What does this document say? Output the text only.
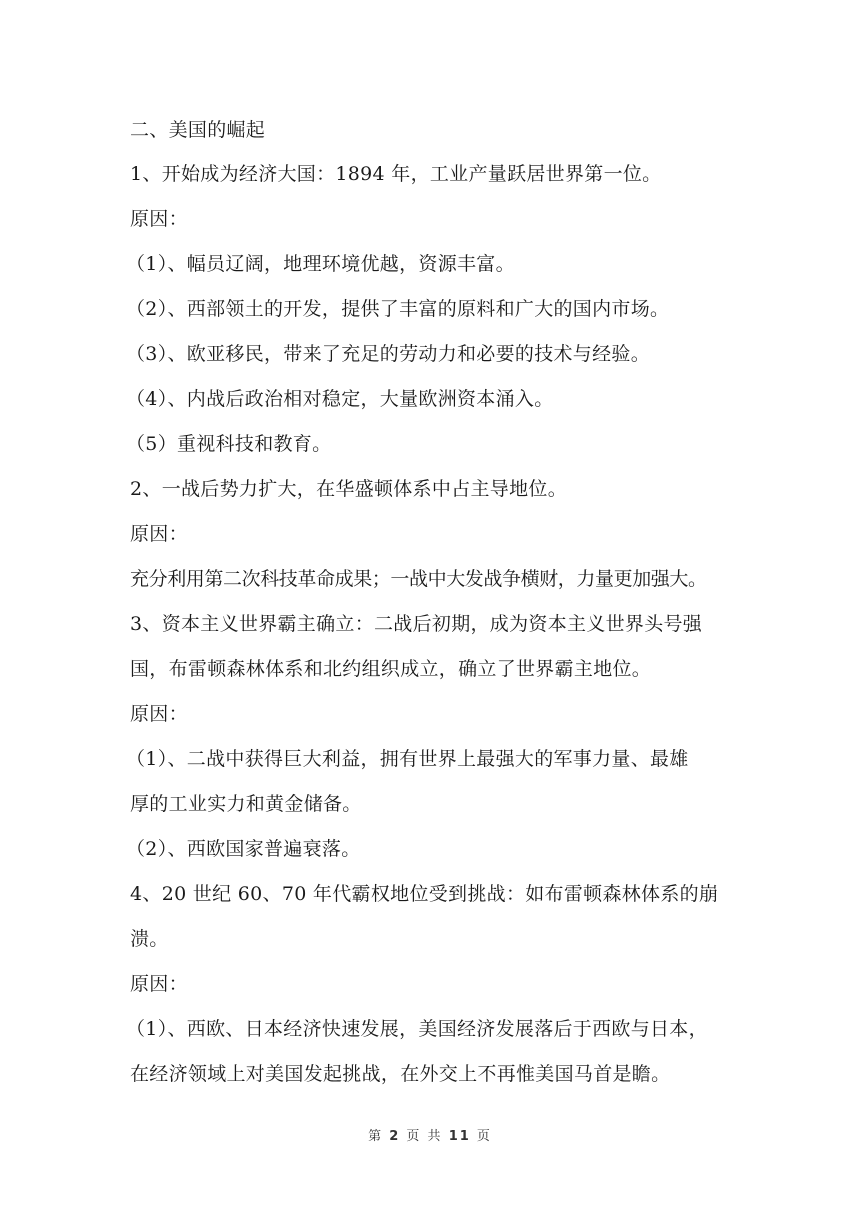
二、美国的崛起
1、开始成为经济大国：1894 年，工业产量跃居世界第一位。
原因：
（1）、幅员辽阔，地理环境优越，资源丰富。
（2）、西部领土的开发，提供了丰富的原料和广大的国内市场。
（3）、欧亚移民，带来了充足的劳动力和必要的技术与经验。
（4）、内战后政治相对稳定，大量欧洲资本涌入。
（5）重视科技和教育。
2、一战后势力扩大，在华盛顿体系中占主导地位。
原因：
充分利用第二次科技革命成果；一战中大发战争横财，力量更加强大。
3、资本主义世界霸主确立：二战后初期，成为资本主义世界头号强
国，布雷顿森林体系和北约组织成立，确立了世界霸主地位。
原因：
（1）、二战中获得巨大利益，拥有世界上最强大的军事力量、最雄
厚的工业实力和黄金储备。
（2）、西欧国家普遍衰落。
4、20 世纪 60、70 年代霸权地位受到挑战：如布雷顿森林体系的崩
溃。
原因：
（1）、西欧、日本经济快速发展，美国经济发展落后于西欧与日本，
在经济领域上对美国发起挑战，在外交上不再惟美国马首是瞻。
第 2 页 共 11 页
